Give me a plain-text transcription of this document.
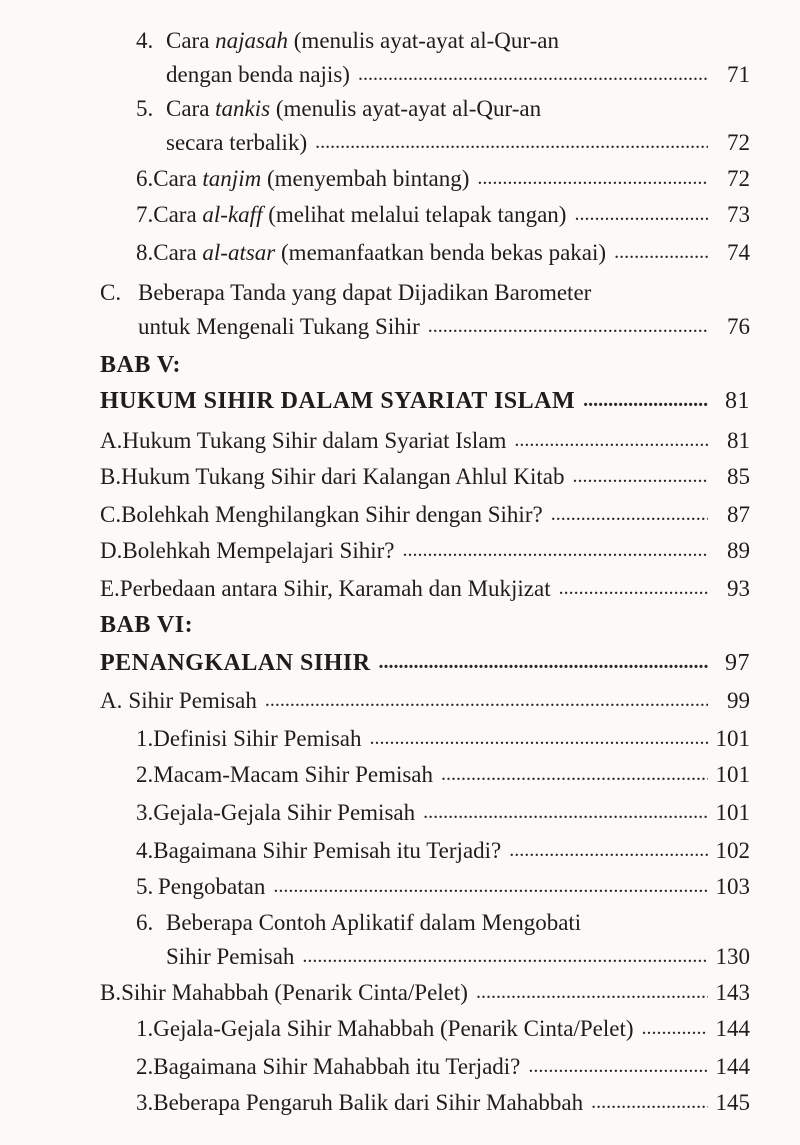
4. Cara najasah (menulis ayat-ayat al-Qur-an
dengan benda najis) . . .	71
5. Cara tankis (menulis ayat-ayat al-Qur-an
secara terbalik) . . .	72
6. Cara tanjim (menyembah bintang) . . .	72
7. Cara al-kaff (melihat melalui telapak tangan) . . .	73
8. Cara al-atsar (memanfaatkan benda bekas pakai) . . .	74
C. Beberapa Tanda yang dapat Dijadikan Barometer
untuk Mengenali Tukang Sihir . . .	76
BAB V:
HUKUM SIHIR DALAM SYARIAT ISLAM . . .	81
A. Hukum Tukang Sihir dalam Syariat Islam . . .	81
B. Hukum Tukang Sihir dari Kalangan Ahlul Kitab . . .	85
C. Bolehkah Menghilangkan Sihir dengan Sihir? . . .	87
D. Bolehkah Mempelajari Sihir? . . .	89
E. Perbedaan antara Sihir, Karamah dan Mukjizat . . .	93
BAB VI:
PENANGKALAN SIHIR . . .	97
A. Sihir Pemisah . . .	99
1. Definisi Sihir Pemisah . . .	101
2. Macam-Macam Sihir Pemisah . . .	101
3. Gejala-Gejala Sihir Pemisah . . .	101
4. Bagaimana Sihir Pemisah itu Terjadi? . . .	102
5. Pengobatan . . .	103
6. Beberapa Contoh Aplikatif dalam Mengobati
Sihir Pemisah . . .	130
B. Sihir Mahabbah (Penarik Cinta/Pelet) . . .	143
1. Gejala-Gejala Sihir Mahabbah (Penarik Cinta/Pelet) . . .	144
2. Bagaimana Sihir Mahabbah itu Terjadi? . . .	144
3. Beberapa Pengaruh Balik dari Sihir Mahabbah . . .	145
